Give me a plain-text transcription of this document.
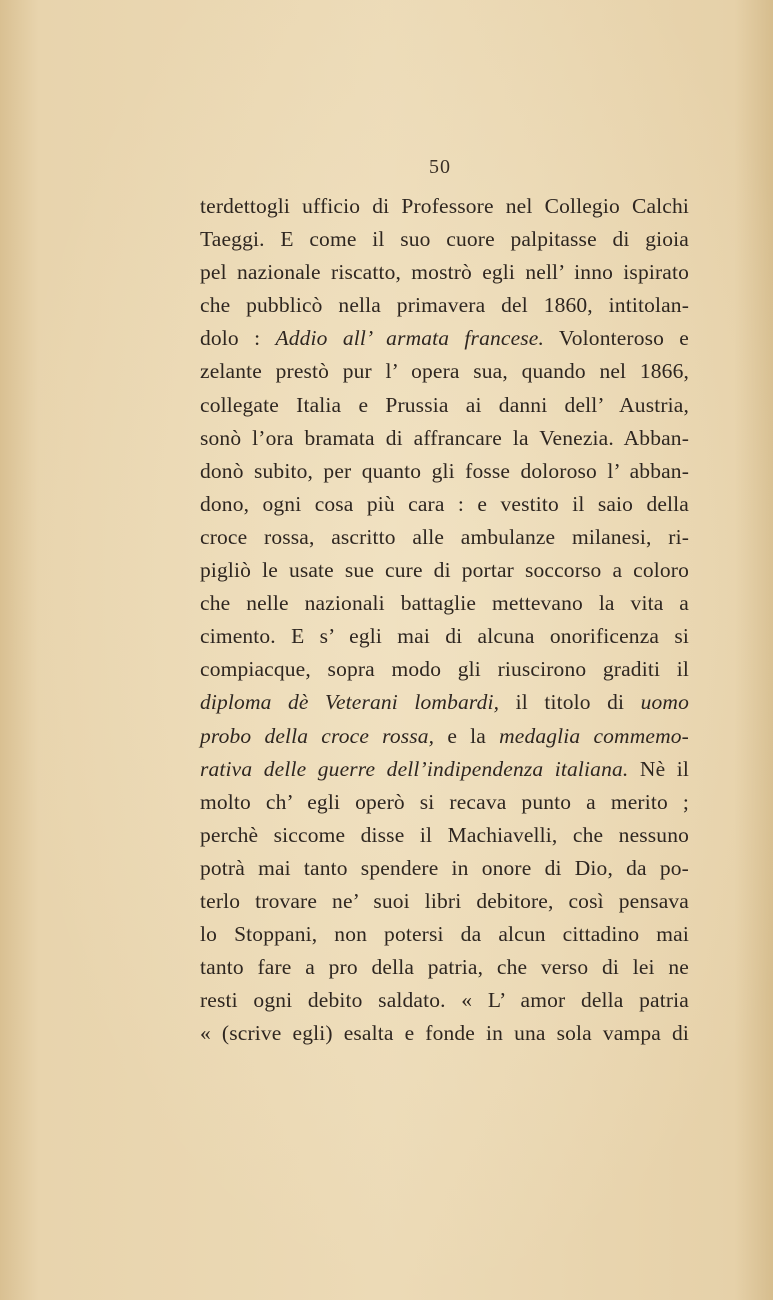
50
terdettogli ufficio di Professore nel Collegio Calchi
Taeggi. E come il suo cuore palpitasse di gioia
pel nazionale riscatto, mostrò egli nell’ inno ispirato
che pubblicò nella primavera del 1860, intitolan-
dolo : Addio all’ armata francese. Volonteroso e
zelante prestò pur l’ opera sua, quando nel 1866,
collegate Italia e Prussia ai danni dell’ Austria,
sonò l’ora bramata di affrancare la Venezia. Abban-
donò subito, per quanto gli fosse doloroso l’ abban-
dono, ogni cosa più cara : e vestito il saio della
croce rossa, ascritto alle ambulanze milanesi, ri-
pigliò le usate sue cure di portar soccorso a coloro
che nelle nazionali battaglie mettevano la vita a
cimento. E s’ egli mai di alcuna onorificenza si
compiacque, sopra modo gli riuscirono graditi il
diploma dè Veterani lombardi, il titolo di uomo
probo della croce rossa, e la medaglia commemo-
rativa delle guerre dell’indipendenza italiana. Nè il
molto ch’ egli operò si recava punto a merito ;
perchè siccome disse il Machiavelli, che nessuno
potrà mai tanto spendere in onore di Dio, da po-
terlo trovare ne’ suoi libri debitore, così pensava
lo Stoppani, non potersi da alcun cittadino mai
tanto fare a pro della patria, che verso di lei ne
resti ogni debito saldato. « L’ amor della patria
« (scrive egli) esalta e fonde in una sola vampa di
